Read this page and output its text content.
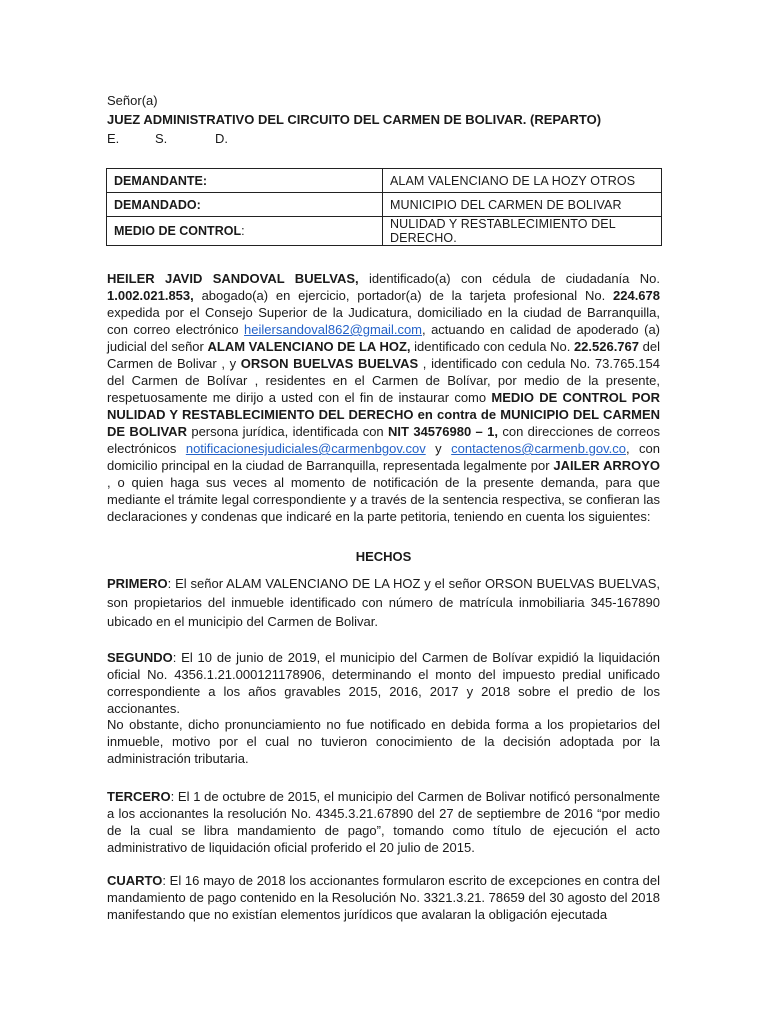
Señor(a)
JUEZ ADMINISTRATIVO DEL CIRCUITO DEL CARMEN DE BOLIVAR. (REPARTO)
E.	S.	D.
DEMANDANTE:	ALAM VALENCIANO DE LA HOZY OTROS
DEMANDADO:	MUNICIPIO DEL CARMEN DE BOLIVAR
MEDIO DE CONTROL:	NULIDAD Y RESTABLECIMIENTO DEL DERECHO.
HEILER JAVID SANDOVAL BUELVAS, identificado(a) con cédula de ciudadanía No. 1.002.021.853, abogado(a) en ejercicio, portador(a) de la tarjeta profesional No. 224.678 expedida por el Consejo Superior de la Judicatura, domiciliado en la ciudad de Barranquilla, con correo electrónico heilersandoval862@gmail.com, actuando en calidad de apoderado (a) judicial del señor ALAM VALENCIANO DE LA HOZ, identificado con cedula No. 22.526.767 del Carmen de Bolivar , y ORSON BUELVAS BUELVAS , identificado con cedula No. 73.765.154 del Carmen de Bolívar , residentes en el Carmen de Bolívar, por medio de la presente, respetuosamente me dirijo a usted con el fin de instaurar como MEDIO DE CONTROL POR NULIDAD Y RESTABLECIMIENTO DEL DERECHO en contra de MUNICIPIO DEL CARMEN DE BOLIVAR persona jurídica, identificada con NIT 34576980 – 1, con direcciones de correos electrónicos notificacionesjudiciales@carmenbgov.cov y contactenos@carmenb.gov.co, con domicilio principal en la ciudad de Barranquilla, representada legalmente por JAILER ARROYO , o quien haga sus veces al momento de notificación de la presente demanda, para que mediante el trámite legal correspondiente y a través de la sentencia respectiva, se confieran las declaraciones y condenas que indicaré en la parte petitoria, teniendo en cuenta los siguientes:
HECHOS
PRIMERO: El señor ALAM VALENCIANO DE LA HOZ y el señor ORSON BUELVAS BUELVAS, son propietarios del inmueble identificado con número de matrícula inmobiliaria 345-167890 ubicado en el municipio del Carmen de Bolivar.
SEGUNDO: El 10 de junio de 2019, el municipio del Carmen de Bolívar expidió la liquidación oficial No. 4356.1.21.000121178906, determinando el monto del impuesto predial unificado correspondiente a los años gravables 2015, 2016, 2017 y 2018 sobre el predio de los accionantes.
No obstante, dicho pronunciamiento no fue notificado en debida forma a los propietarios del inmueble, motivo por el cual no tuvieron conocimiento de la decisión adoptada por la administración tributaria.
TERCERO: El 1 de octubre de 2015, el municipio del Carmen de Bolivar notificó personalmente a los accionantes la resolución No. 4345.3.21.67890 del 27 de septiembre de 2016 “por medio de la cual se libra mandamiento de pago”, tomando como título de ejecución el acto administrativo de liquidación oficial proferido el 20 julio de 2015.
CUARTO: El 16 mayo de 2018 los accionantes formularon escrito de excepciones en contra del mandamiento de pago contenido en la Resolución No. 3321.3.21. 78659 del 30 agosto del 2018 manifestando que no existían elementos jurídicos que avalaran la obligación ejecutada
